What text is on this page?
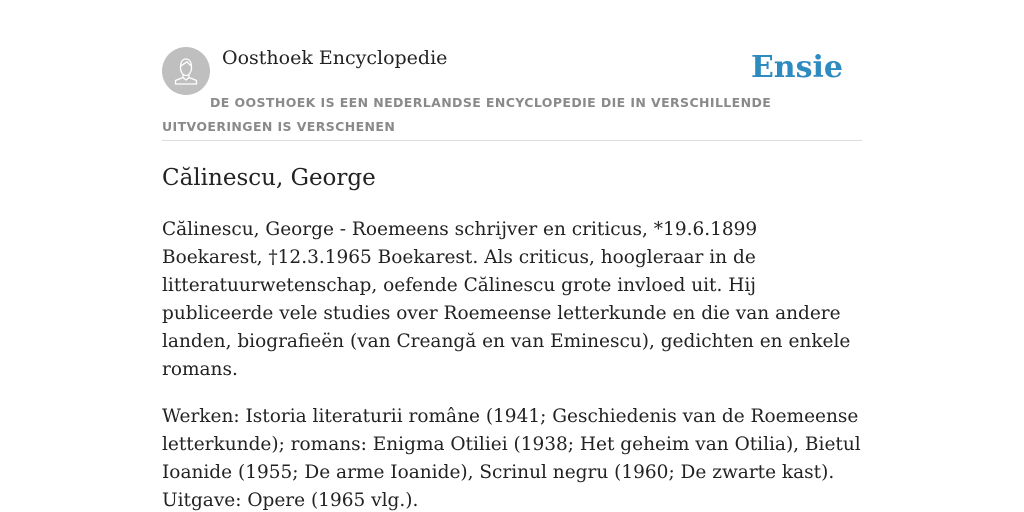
Oosthoek Encyclopedie	Ensie
DE OOSTHOEK IS EEN NEDERLANDSE ENCYCLOPEDIE DIE IN VERSCHILLENDE UITVOERINGEN IS VERSCHENEN
Călinescu, George

Călinescu, George - Roemeens schrijver en criticus, *19.6.1899 Boekarest, †12.3.1965 Boekarest. Als criticus, hoogleraar in de litteratuurwetenschap, oefende Călinescu grote invloed uit. Hij publiceerde vele studies over Roemeense letterkunde en die van andere landen, biografieën (van Creangă en van Eminescu), gedichten en enkele romans.

Werken: Istoria literaturii române (1941; Geschiedenis van de Roemeense letterkunde); romans: Enigma Otiliei (1938; Het geheim van Otilia), Bietul Ioanide (1955; De arme Ioanide), Scrinul negru (1960; De zwarte kast). Uitgave: Opere (1965 vlg.).
